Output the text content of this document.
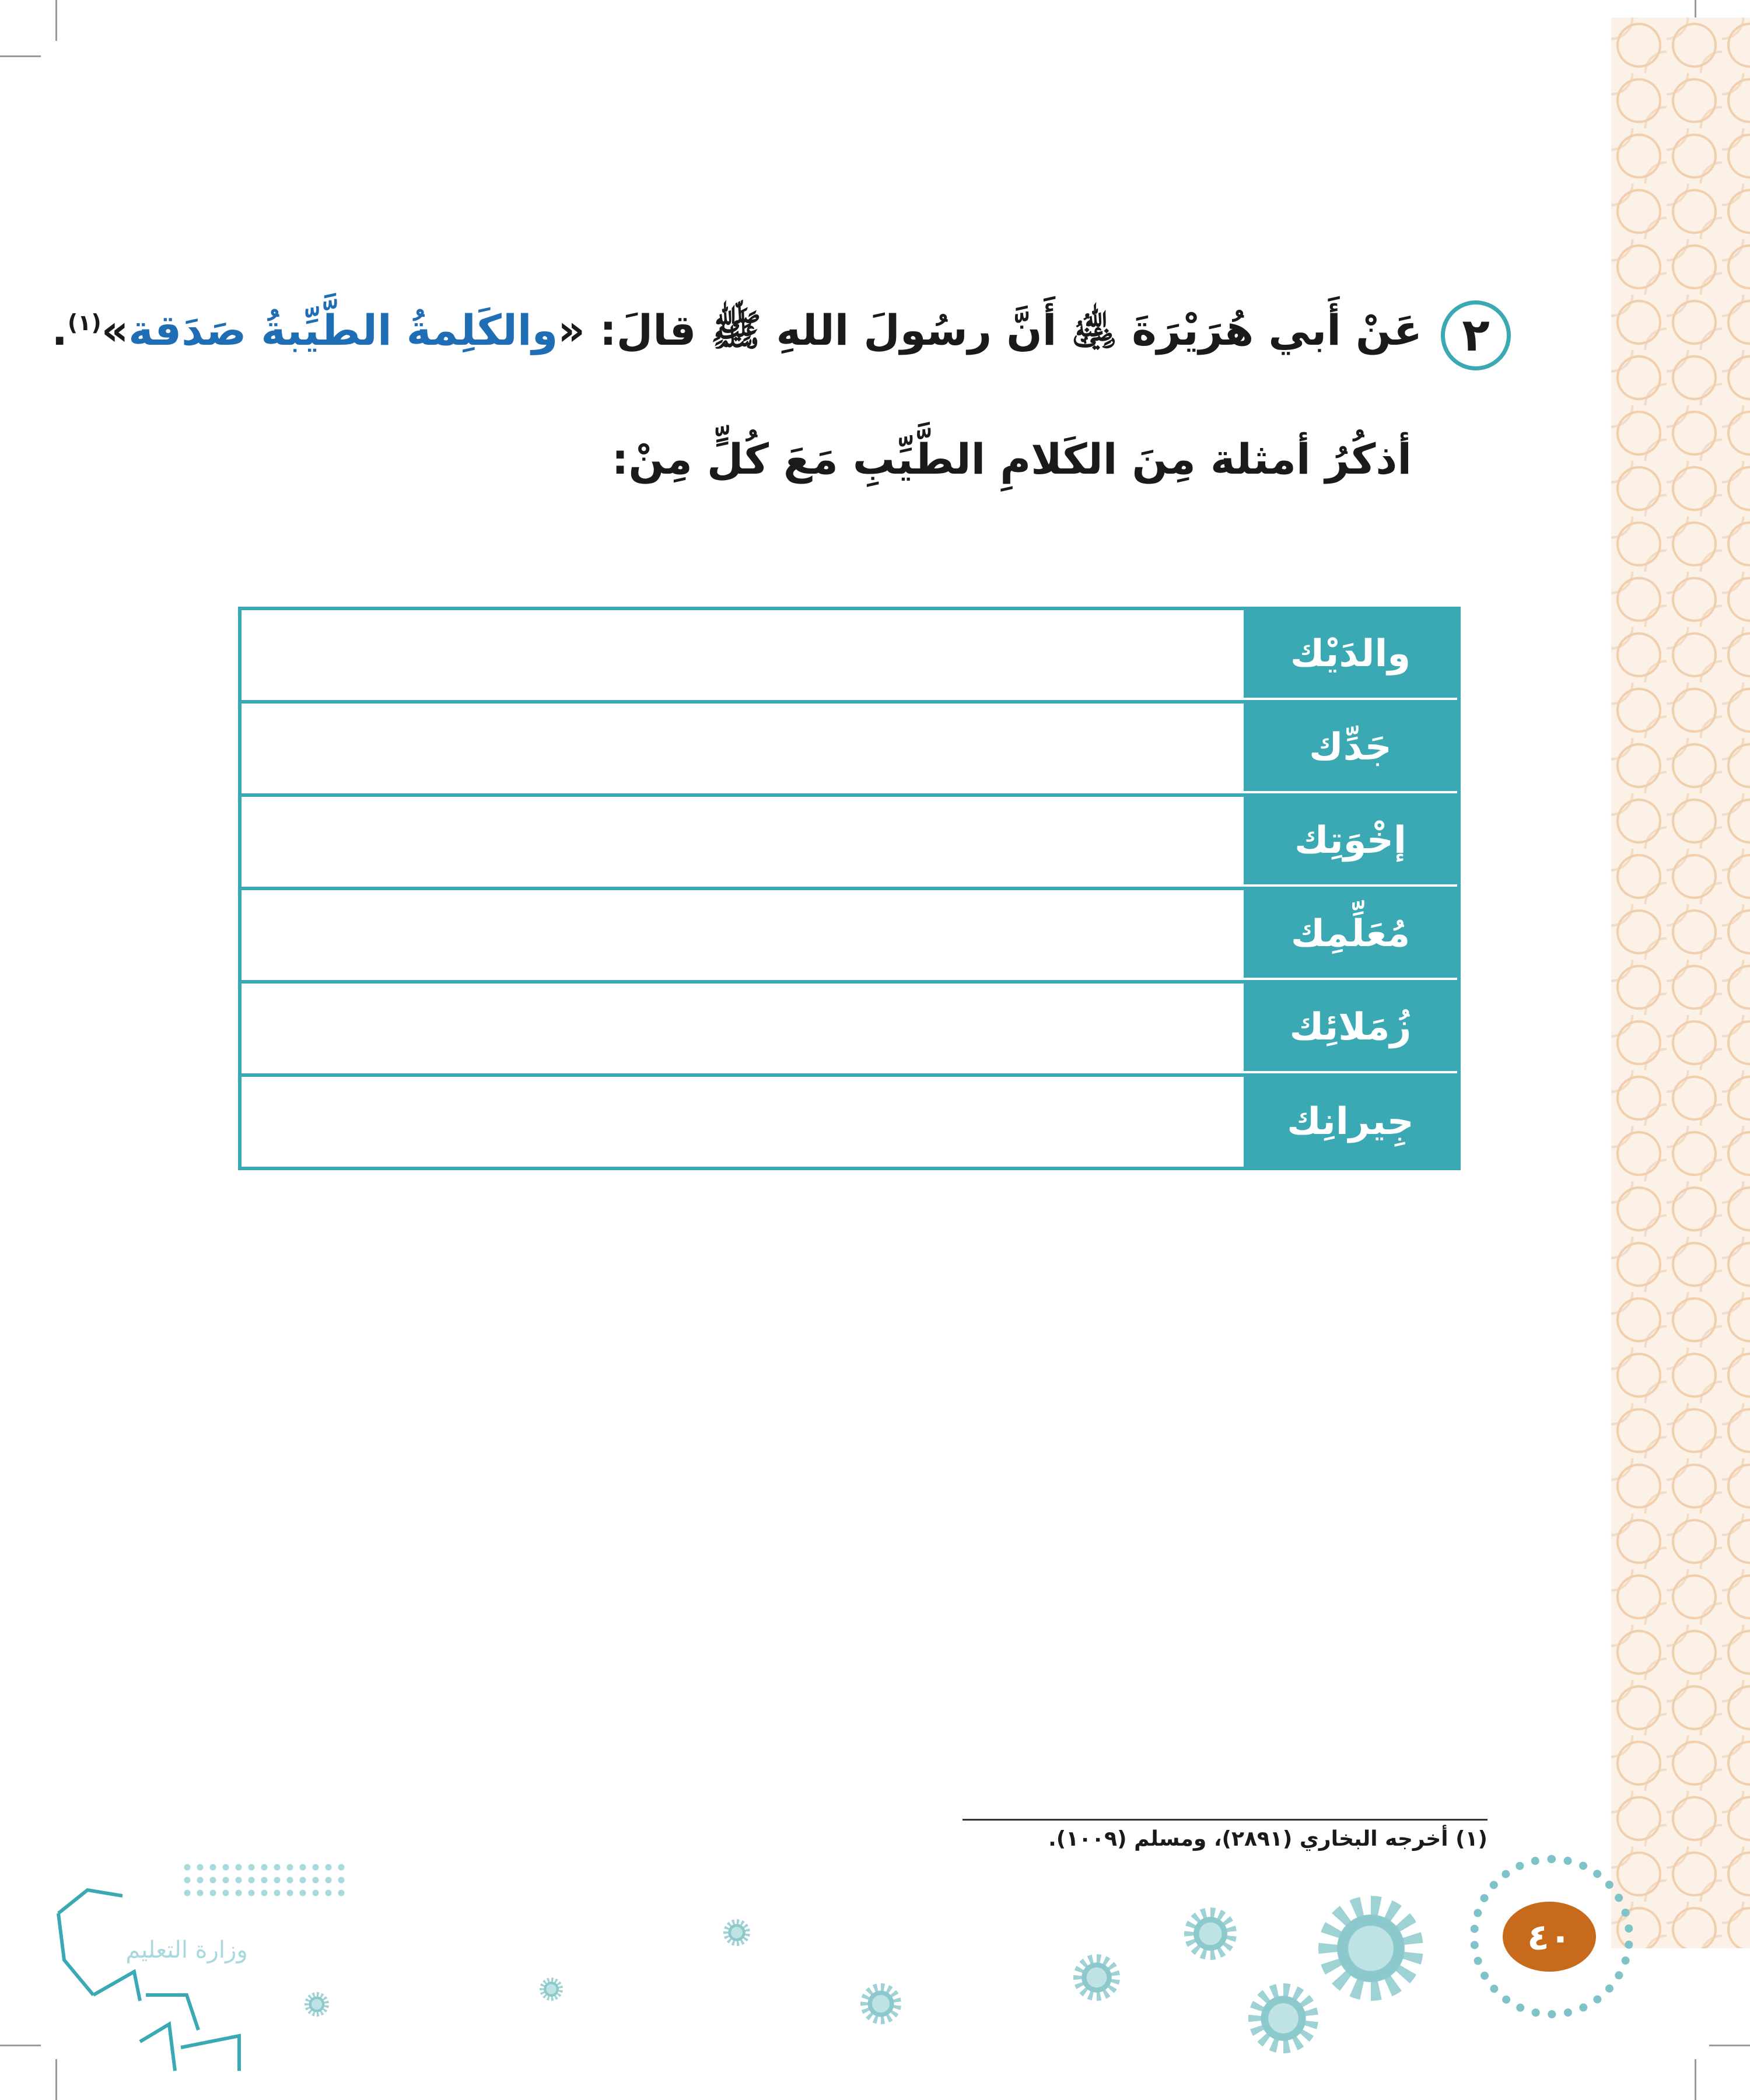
٢
عَنْ أَبي هُرَيْرَةَ ﵁ أَنَّ رسُولَ اللهِ ﷺ قالَ: «والكَلِمةُ الطَّيِّبةُ صَدَقة»$^{(١)}$.
أذكُرُ أمثلة مِنَ الكَلامِ الطَّيِّبِ مَعَ كُلٍّ مِنْ:
والدَيْك
جَدِّك
إخْوَتِك
مُعَلِّمِك
زُمَلائِك
جِيرانِك
(١) أخرجه البخاري (٢٨٩١)، ومسلم (١٠٠٩).
٤٠
وزارة التعليم
